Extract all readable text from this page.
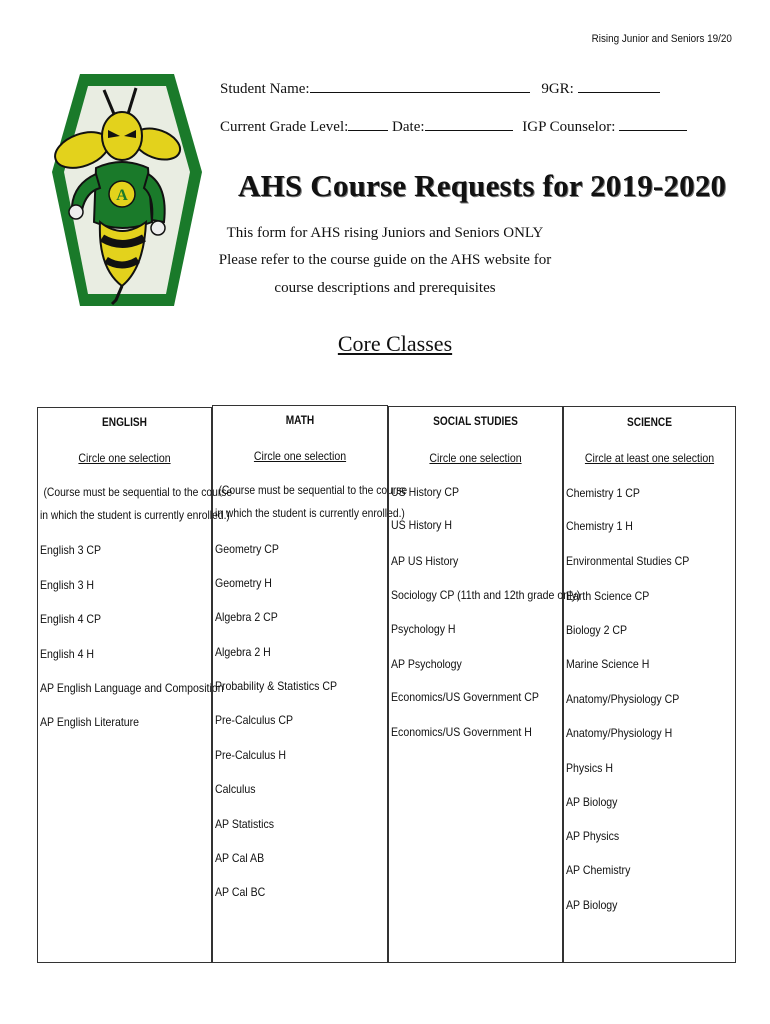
Rising Junior and Seniors 19/20
A
Student Name:	9GR:
Current Grade Level:	Date:	IGP Counselor:
AHS Course Requests for 2019-2020
This form for AHS rising Juniors and Seniors ONLY
Please refer to the course guide on the AHS website for
course descriptions and prerequisites
Core Classes
ENGLISH
Circle one selection
(Course must be sequential to the course
in which the student is currently enrolled.)
English 3 CP
English 3 H
English 4 CP
English 4 H
AP English Language and Composition
AP English Literature
MATH
Circle one selection
(Course must be sequential to the course
in which the student is currently enrolled.)
Geometry CP
Geometry H
Algebra 2 CP
Algebra 2 H
Probability & Statistics CP
Pre-Calculus CP
Pre-Calculus H
Calculus
AP Statistics
AP Cal AB
AP Cal BC
SOCIAL STUDIES
Circle one selection
US History CP
US History H
AP US History
Sociology CP (11th and 12th grade only)
Psychology H
AP Psychology
Economics/US Government CP
Economics/US Government H
SCIENCE
Circle at least one selection
Chemistry 1 CP
Chemistry 1 H
Environmental Studies CP
Earth Science CP
Biology 2 CP
Marine Science H
Anatomy/Physiology CP
Anatomy/Physiology H
Physics H
AP Biology
AP Physics
AP Chemistry
AP Biology
